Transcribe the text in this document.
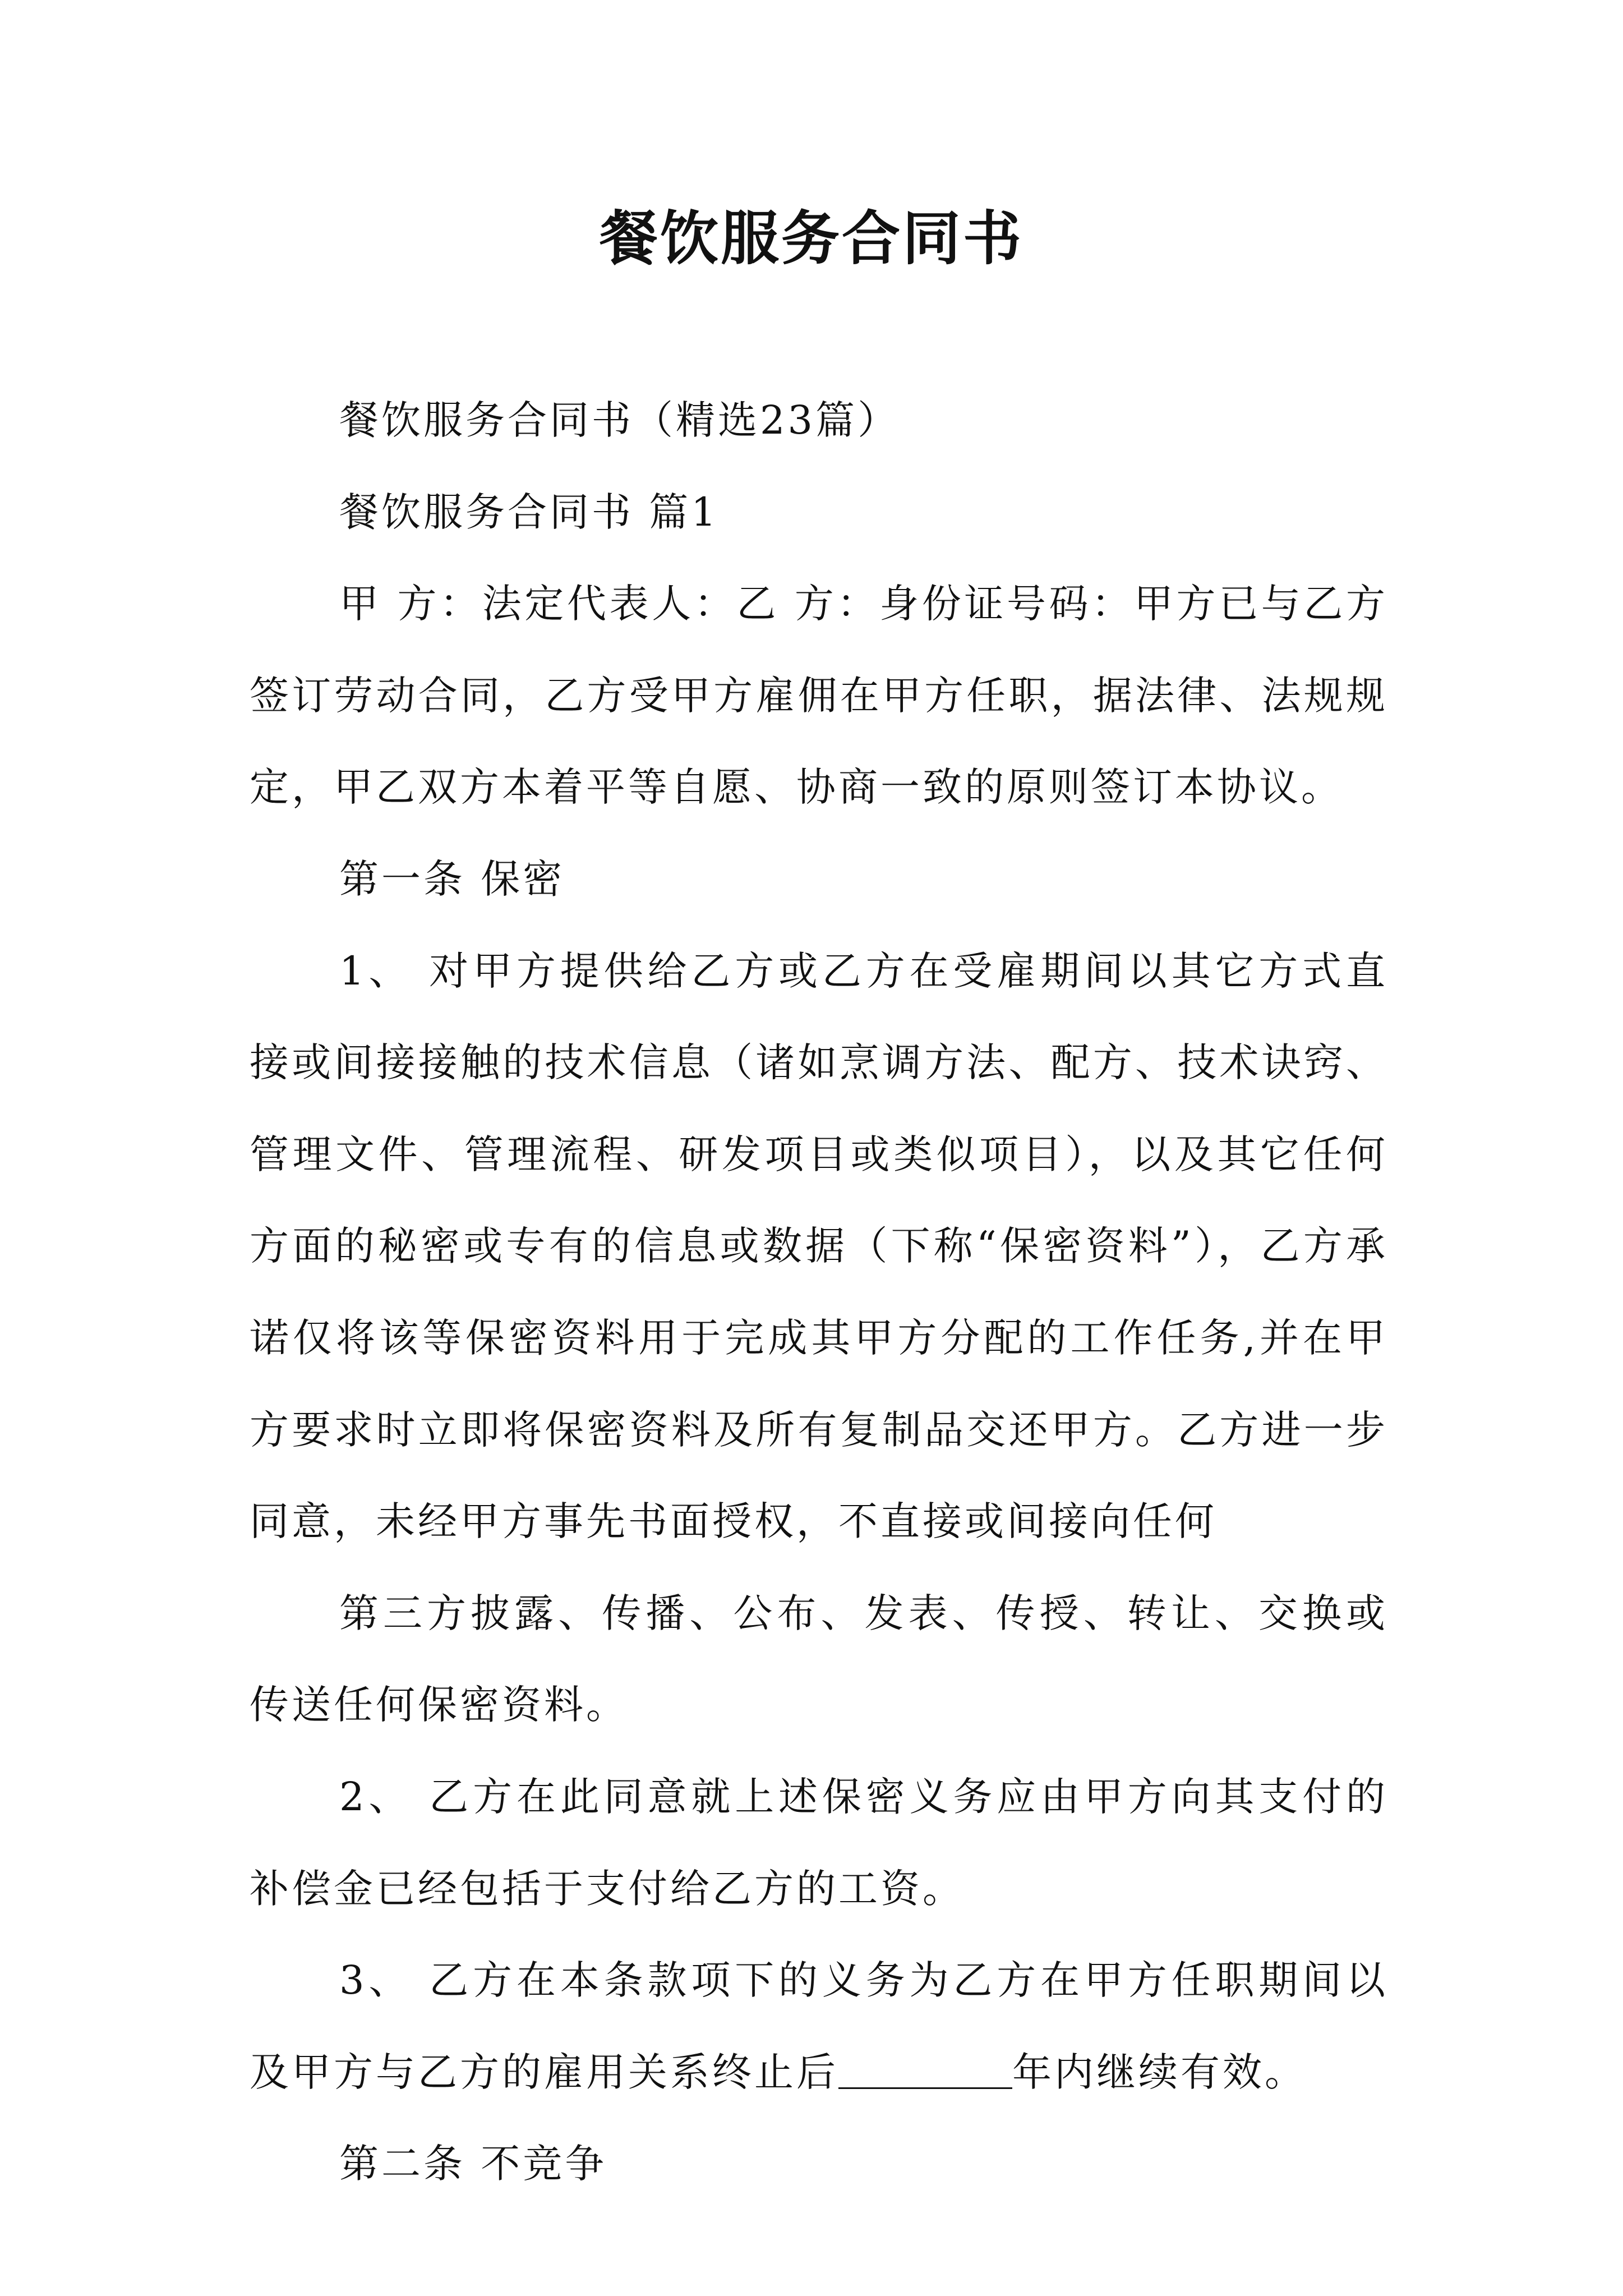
餐饮服务合同书

餐饮服务合同书（精选23篇）

餐饮服务合同书 篇1

甲 方：法定代表人：乙 方：身份证号码：甲方已与乙方签订劳动合同，乙方受甲方雇佣在甲方任职，据法律、法规规定，甲乙双方本着平等自愿、协商一致的原则签订本协议。

第一条 保密

1、 对甲方提供给乙方或乙方在受雇期间以其它方式直接或间接接触的技术信息（诸如烹调方法、配方、技术诀窍、管理文件、管理流程、研发项目或类似项目），以及其它任何方面的秘密或专有的信息或数据（下称“保密资料”），乙方承诺仅将该等保密资料用于完成其甲方分配的工作任务,并在甲方要求时立即将保密资料及所有复制品交还甲方。乙方进一步同意，未经甲方事先书面授权，不直接或间接向任何

第三方披露、传播、公布、发表、传授、转让、交换或传送任何保密资料。

2、 乙方在此同意就上述保密义务应由甲方向其支付的补偿金已经包括于支付给乙方的工资。

3、 乙方在本条款项下的义务为乙方在甲方任职期间以及甲方与乙方的雇用关系终止后	年内继续有效。

第二条 不竞争
